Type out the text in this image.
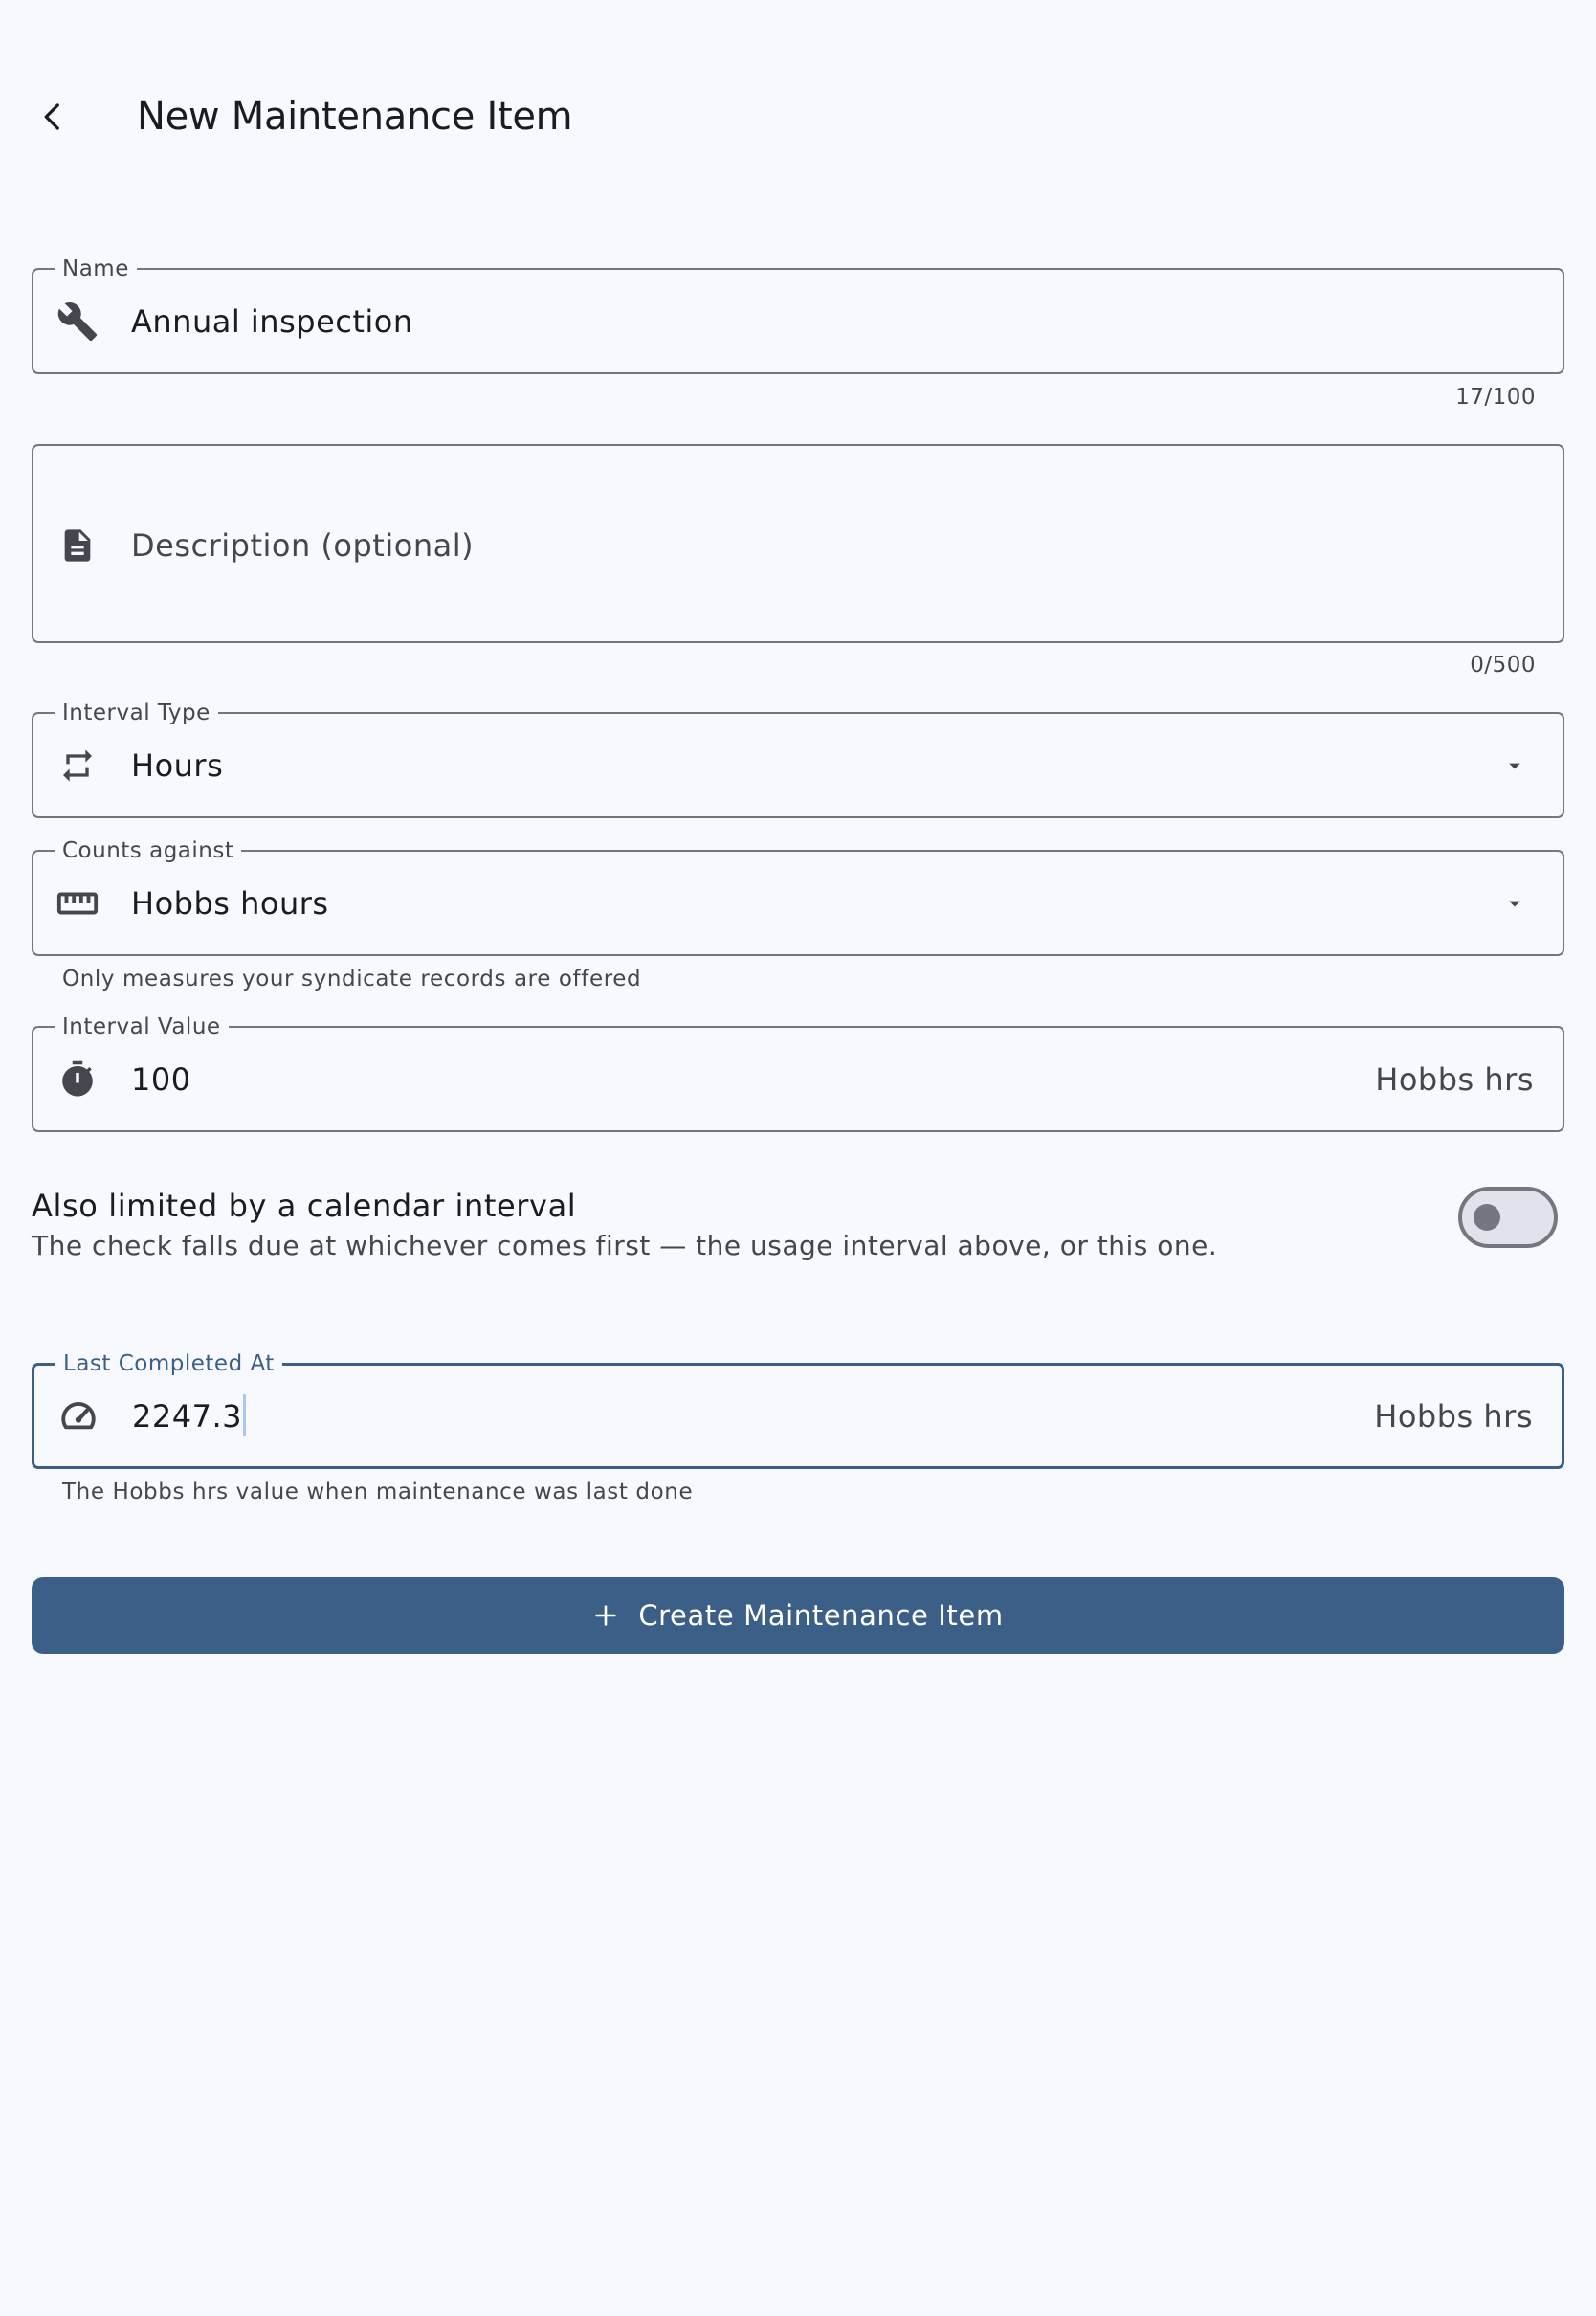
New Maintenance Item
Name
Annual inspection
17/100
Description (optional)
0/500
Interval Type
Hours
Counts against
Hobbs hours
Only measures your syndicate records are offered
Interval Value
100	Hobbs hrs
Also limited by a calendar interval
The check falls due at whichever comes first — the usage interval above, or this one.
Last Completed At
2247.3	Hobbs hrs
The Hobbs hrs value when maintenance was last done
Create Maintenance Item
